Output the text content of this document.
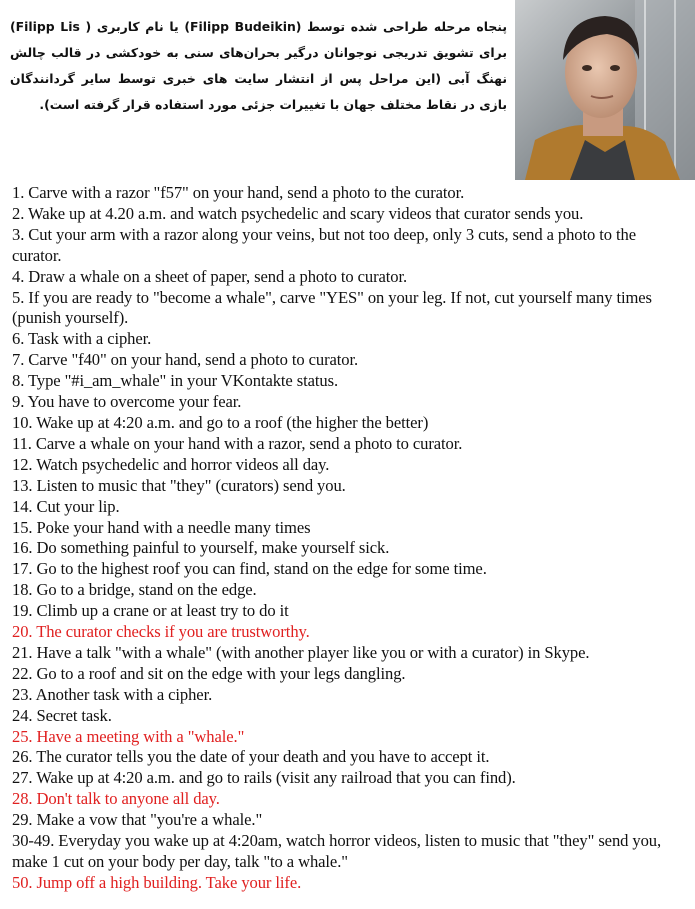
پنجاه مرحله طراحی شده توسط (Filipp Budeikin) یا نام کاربری ( Filipp Lis) برای تشویق تدریجی نوجوانان درگیر بحران‌های سنی به خودکشی در قالب چالش نهنگ آبی (این مراحل پس از انتشار سایت های خبری توسط سایر گردانندگان بازی در نقاط مختلف جهان با تغییرات جزئی مورد استفاده قرار گرفته است).
1. Carve with a razor "f57" on your hand, send a photo to the curator.
2. Wake up at 4.20 a.m. and watch psychedelic and scary videos that curator sends you.
3. Cut your arm with a razor along your veins, but not too deep, only 3 cuts, send a photo to the curator.
4. Draw a whale on a sheet of paper, send a photo to curator.
5. If you are ready to "become a whale", carve "YES" on your leg. If not, cut yourself many times (punish yourself).
6. Task with a cipher.
7. Carve "f40" on your hand, send a photo to curator.
8. Type "#i_am_whale" in your VKontakte status.
9. You have to overcome your fear.
10. Wake up at 4:20 a.m. and go to a roof (the higher the better)
11. Carve a whale on your hand with a razor, send a photo to curator.
12. Watch psychedelic and horror videos all day.
13. Listen to music that "they" (curators) send you.
14. Cut your lip.
15. Poke your hand with a needle many times
16. Do something painful to yourself, make yourself sick.
17. Go to the highest roof you can find, stand on the edge for some time.
18. Go to a bridge, stand on the edge.
19. Climb up a crane or at least try to do it
20. The curator checks if you are trustworthy.
21. Have a talk "with a whale" (with another player like you or with a curator) in Skype.
22. Go to a roof and sit on the edge with your legs dangling.
23. Another task with a cipher.
24. Secret task.
25. Have a meeting with a "whale."
26. The curator tells you the date of your death and you have to accept it.
27. Wake up at 4:20 a.m. and go to rails (visit any railroad that you can find).
28. Don't talk to anyone all day.
29. Make a vow that "you're a whale."
30-49. Everyday you wake up at 4:20am, watch horror videos, listen to music that "they" send you, make 1 cut on your body per day, talk "to a whale."
50. Jump off a high building. Take your life.
